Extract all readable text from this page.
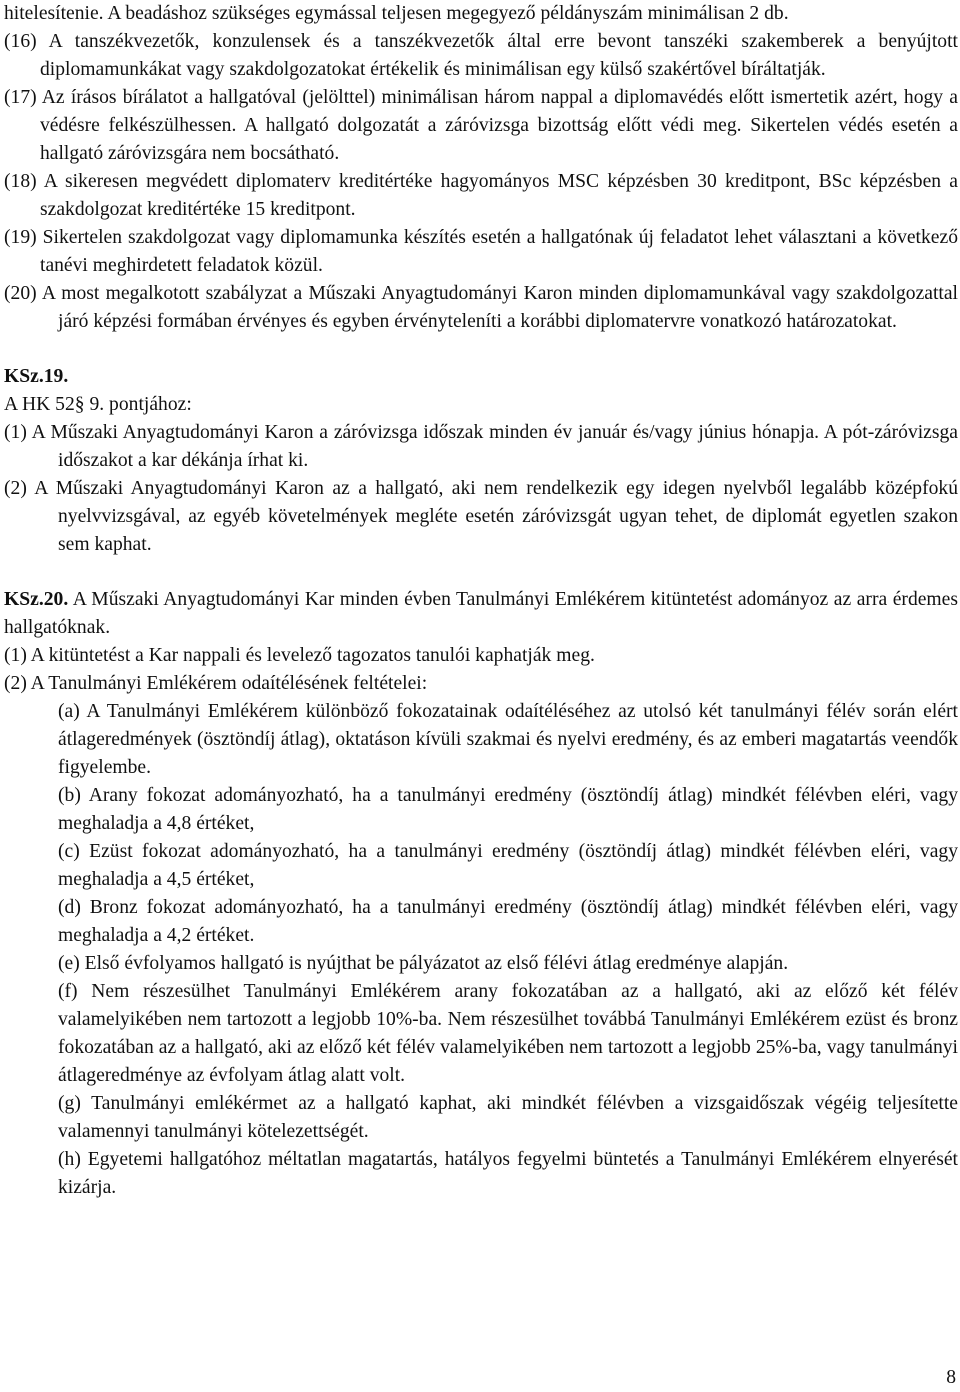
hitelesítenie. A beadáshoz szükséges egymással teljesen megegyező példányszám minimálisan 2 db.

(16) A tanszékvezetők, konzulensek és a tanszékvezetők által erre bevont tanszéki szakemberek a benyújtott diplomamunkákat vagy szakdolgozatokat értékelik és minimálisan egy külső szakértővel bíráltatják.

(17) Az írásos bírálatot a hallgatóval (jelölttel) minimálisan három nappal a diplomavédés előtt ismertetik azért, hogy a védésre felkészülhessen. A hallgató dolgozatát a záróvizsga bizottság előtt védi meg. Sikertelen védés esetén a hallgató záróvizsgára nem bocsátható.

(18) A sikeresen megvédett diplomaterv kreditértéke hagyományos MSC képzésben 30 kreditpont, BSc képzésben a szakdolgozat kreditértéke 15 kreditpont.

(19) Sikertelen szakdolgozat vagy diplomamunka készítés esetén a hallgatónak új feladatot lehet választani a következő tanévi meghirdetett feladatok közül.

(20) A most megalkotott szabályzat a Műszaki Anyagtudományi Karon minden diplomamunkával vagy szakdolgozattal járó képzési formában érvényes és egyben érvényteleníti a korábbi diplomatervre vonatkozó határozatokat.

KSz.19.

A HK 52§ 9. pontjához:

(1) A Műszaki Anyagtudományi Karon a záróvizsga időszak minden év január és/vagy június hónapja. A pót-záróvizsga időszakot a kar dékánja írhat ki.

(2) A Műszaki Anyagtudományi Karon az a hallgató, aki nem rendelkezik egy idegen nyelvből legalább középfokú nyelvvizsgával, az egyéb követelmények megléte esetén záróvizsgát ugyan tehet, de diplomát egyetlen szakon sem kaphat.

KSz.20. A Műszaki Anyagtudományi Kar minden évben Tanulmányi Emlékérem kitüntetést adományoz az arra érdemes hallgatóknak.

(1) A kitüntetést a Kar nappali és levelező tagozatos tanulói kaphatják meg.

(2) A Tanulmányi Emlékérem odaítélésének feltételei:

(a) A Tanulmányi Emlékérem különböző fokozatainak odaítéléséhez az utolsó két tanulmányi félév során elért átlageredmények (ösztöndíj átlag), oktatáson kívüli szakmai és nyelvi eredmény, és az emberi magatartás veendők figyelembe.

(b) Arany fokozat adományozható, ha a tanulmányi eredmény (ösztöndíj átlag) mindkét félévben eléri, vagy meghaladja a 4,8 értéket,

(c) Ezüst fokozat adományozható, ha a tanulmányi eredmény (ösztöndíj átlag) mindkét félévben eléri, vagy meghaladja a 4,5 értéket,

(d) Bronz fokozat adományozható, ha a tanulmányi eredmény (ösztöndíj átlag) mindkét félévben eléri, vagy meghaladja a 4,2 értéket.

(e) Első évfolyamos hallgató is nyújthat be pályázatot az első félévi átlag eredménye alapján.

(f) Nem részesülhet Tanulmányi Emlékérem arany fokozatában az a hallgató, aki az előző két félév valamelyikében nem tartozott a legjobb 10%-ba. Nem részesülhet továbbá Tanulmányi Emlékérem ezüst és bronz fokozatában az a hallgató, aki az előző két félév valamelyikében nem tartozott a legjobb 25%-ba, vagy tanulmányi átlageredménye az évfolyam átlag alatt volt.

(g) Tanulmányi emlékérmet az a hallgató kaphat, aki mindkét félévben a vizsgaidőszak végéig teljesítette valamennyi tanulmányi kötelezettségét.

(h) Egyetemi hallgatóhoz méltatlan magatartás, hatályos fegyelmi büntetés a Tanulmányi Emlékérem elnyerését kizárja.

8
